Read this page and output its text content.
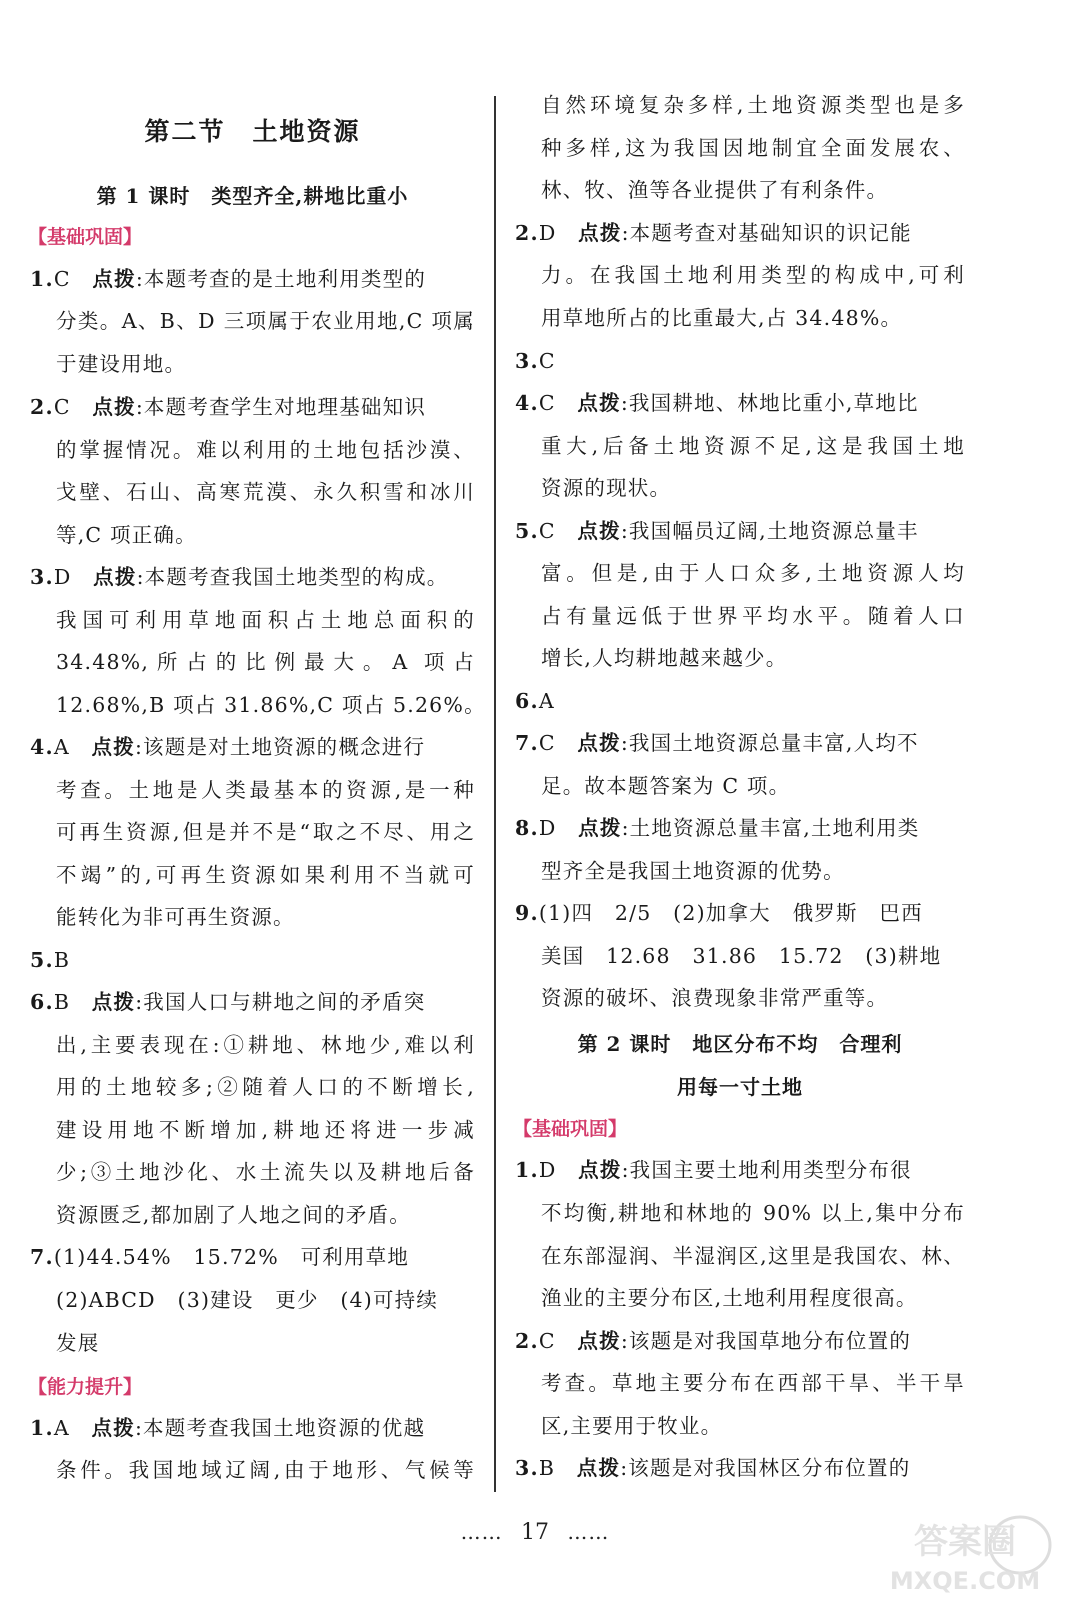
第二节　土地资源
第 1 课时　类型齐全,耕地比重小
【基础巩固】
1.C　点拨:本题考查的是土地利用类型的
分类。A、B、D 三项属于农业用地,C 项属
于建设用地。
2.C　点拨:本题考查学生对地理基础知识
的掌握情况。难以利用的土地包括沙漠、
戈壁、石山、高寒荒漠、永久积雪和冰川
等,C 项正确。
3.D　点拨:本题考查我国土地类型的构成。
我国可利用草地面积占土地总面积的
34.48%,所占的比例最大。A 项占
12.68%,B 项占 31.86%,C 项占 5.26%。
4.A　点拨:该题是对土地资源的概念进行
考查。土地是人类最基本的资源,是一种
可再生资源,但是并不是“取之不尽、用之
不竭”的,可再生资源如果利用不当就可
能转化为非可再生资源。
5.B
6.B　点拨:我国人口与耕地之间的矛盾突
出,主要表现在:①耕地、林地少,难以利
用的土地较多;②随着人口的不断增长,
建设用地不断增加,耕地还将进一步减
少;③土地沙化、水土流失以及耕地后备
资源匮乏,都加剧了人地之间的矛盾。
7.(1)44.54%　15.72%　可利用草地
(2)ABCD　(3)建设　更少　(4)可持续
发展
【能力提升】
1.A　点拨:本题考查我国土地资源的优越
条件。我国地域辽阔,由于地形、气候等
自然环境复杂多样,土地资源类型也是多
种多样,这为我国因地制宜全面发展农、
林、牧、渔等各业提供了有利条件。
2.D　点拨:本题考查对基础知识的识记能
力。在我国土地利用类型的构成中,可利
用草地所占的比重最大,占 34.48%。
3.C
4.C　点拨:我国耕地、林地比重小,草地比
重大,后备土地资源不足,这是我国土地
资源的现状。
5.C　点拨:我国幅员辽阔,土地资源总量丰
富。但是,由于人口众多,土地资源人均
占有量远低于世界平均水平。随着人口
增长,人均耕地越来越少。
6.A
7.C　点拨:我国土地资源总量丰富,人均不
足。故本题答案为 C 项。
8.D　点拨:土地资源总量丰富,土地利用类
型齐全是我国土地资源的优势。
9.(1)四　2/5　(2)加拿大　俄罗斯　巴西
美国　12.68　31.86　15.72　(3)耕地
资源的破坏、浪费现象非常严重等。
第 2 课时　地区分布不均　合理利
用每一寸土地
【基础巩固】
1.D　点拨:我国主要土地利用类型分布很
不均衡,耕地和林地的 90% 以上,集中分布
在东部湿润、半湿润区,这里是我国农、林、
渔业的主要分布区,土地利用程度很高。
2.C　点拨:该题是对我国草地分布位置的
考查。草地主要分布在西部干旱、半干旱
区,主要用于牧业。
3.B　点拨:该题是对我国林区分布位置的
…… 17 ……	答案圈
MXQE.COM
